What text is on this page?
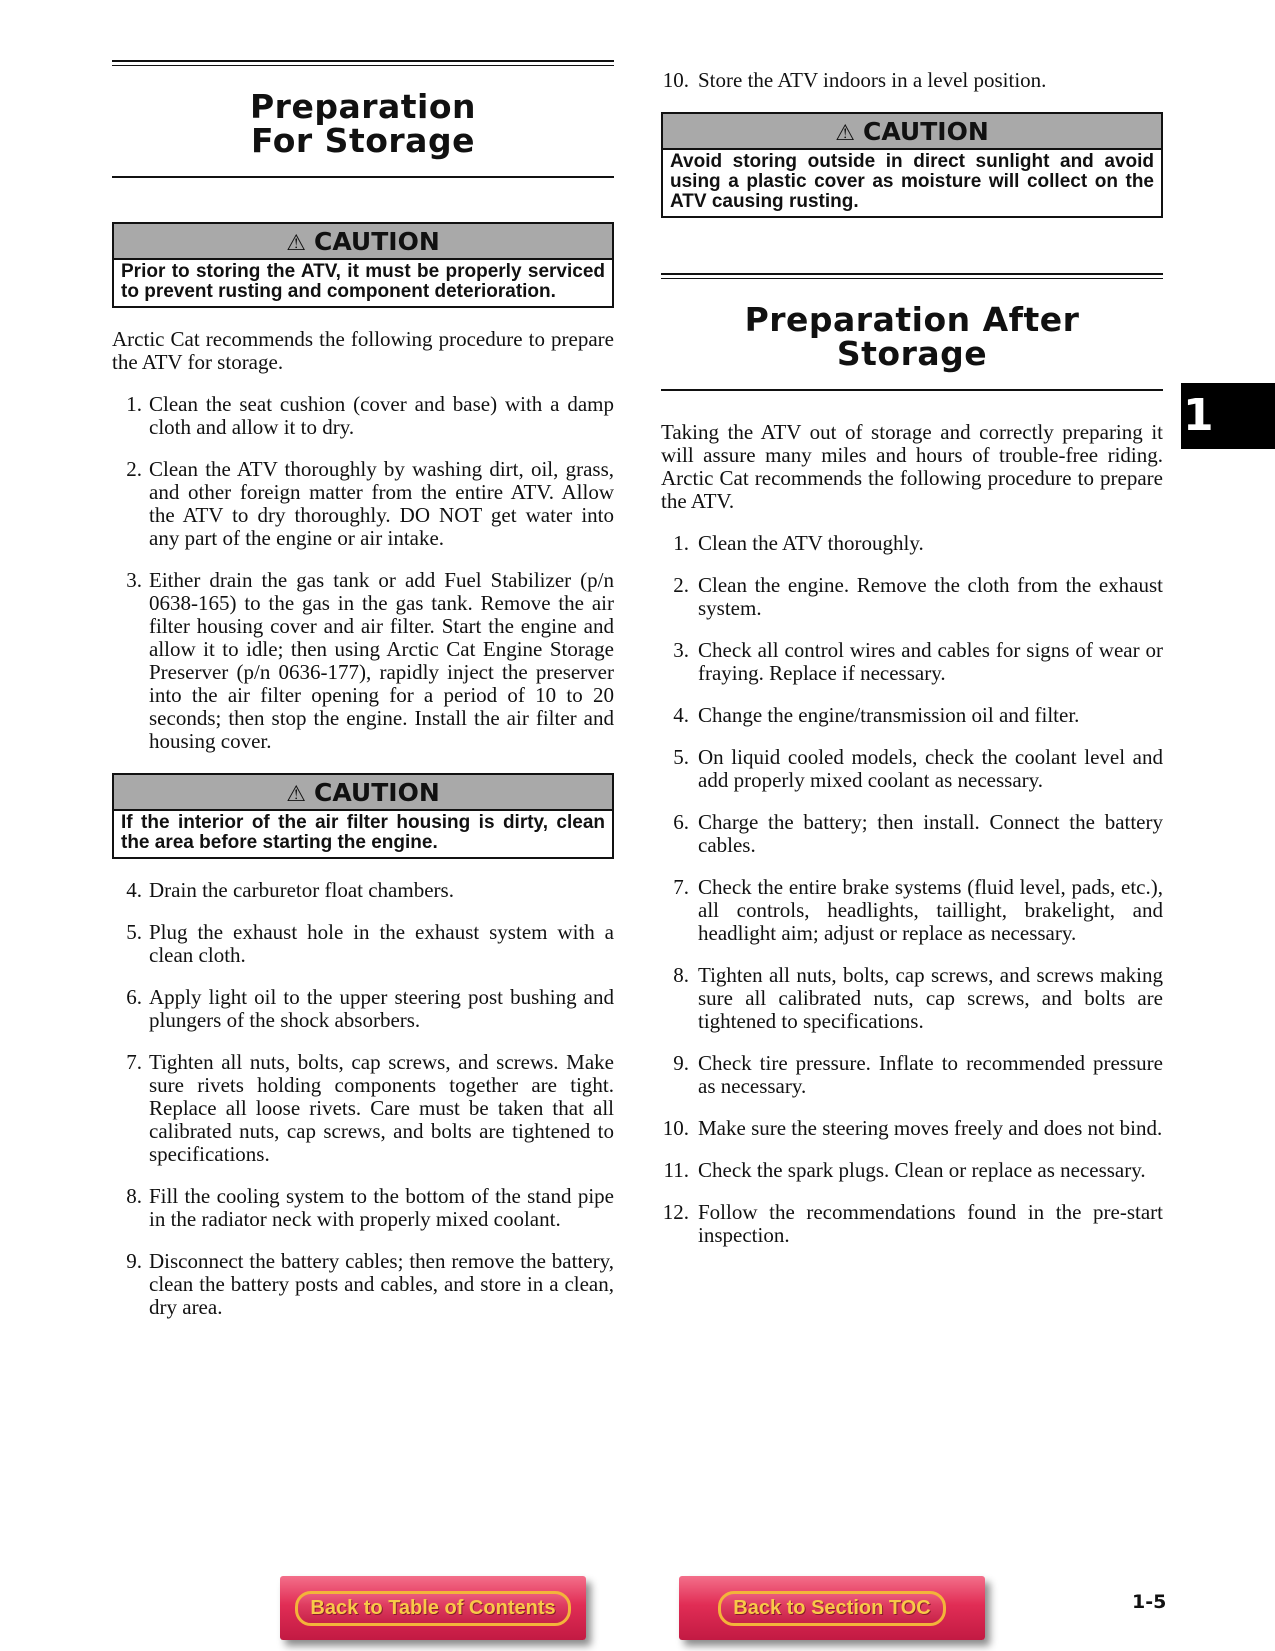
Preparation
For Storage
⚠ CAUTION
Prior to storing the ATV, it must be properly serviced to prevent rusting and component deterioration.

Arctic Cat recommends the following procedure to prepare the ATV for storage.

1. Clean the seat cushion (cover and base) with a damp cloth and allow it to dry.
2. Clean the ATV thoroughly by washing dirt, oil, grass, and other foreign matter from the entire ATV. Allow the ATV to dry thoroughly. DO NOT get water into any part of the engine or air intake.
3. Either drain the gas tank or add Fuel Stabilizer (p/n 0638-165) to the gas in the gas tank. Remove the air filter housing cover and air filter. Start the engine and allow it to idle; then using Arctic Cat Engine Storage Preserver (p/n 0636-177), rapidly inject the preserver into the air filter opening for a period of 10 to 20 seconds; then stop the engine. Install the air filter and housing cover.
⚠ CAUTION
If the interior of the air filter housing is dirty, clean the area before starting the engine.
4. Drain the carburetor float chambers.
5. Plug the exhaust hole in the exhaust system with a clean cloth.
6. Apply light oil to the upper steering post bushing and plungers of the shock absorbers.
7. Tighten all nuts, bolts, cap screws, and screws. Make sure rivets holding components together are tight. Replace all loose rivets. Care must be taken that all calibrated nuts, cap screws, and bolts are tightened to specifications.
8. Fill the cooling system to the bottom of the stand pipe in the radiator neck with properly mixed coolant.
9. Disconnect the battery cables; then remove the battery, clean the battery posts and cables, and store in a clean, dry area.
10. Store the ATV indoors in a level position.
⚠ CAUTION
Avoid storing outside in direct sunlight and avoid using a plastic cover as moisture will collect on the ATV causing rusting.
Preparation After
Storage

Taking the ATV out of storage and correctly preparing it will assure many miles and hours of trouble-free riding. Arctic Cat recommends the following procedure to prepare the ATV.

1. Clean the ATV thoroughly.
2. Clean the engine. Remove the cloth from the exhaust system.
3. Check all control wires and cables for signs of wear or fraying. Replace if necessary.
4. Change the engine/transmission oil and filter.
5. On liquid cooled models, check the coolant level and add properly mixed coolant as necessary.
6. Charge the battery; then install. Connect the battery cables.
7. Check the entire brake systems (fluid level, pads, etc.), all controls, headlights, taillight, brakelight, and headlight aim; adjust or replace as necessary.
8. Tighten all nuts, bolts, cap screws, and screws making sure all calibrated nuts, cap screws, and bolts are tightened to specifications.
9. Check tire pressure. Inflate to recommended pressure as necessary.
10. Make sure the steering moves freely and does not bind.
11. Check the spark plugs. Clean or replace as necessary.
12. Follow the recommendations found in the pre-start inspection.
1
Back to Table of Contents	Back to Section TOC	1-5
